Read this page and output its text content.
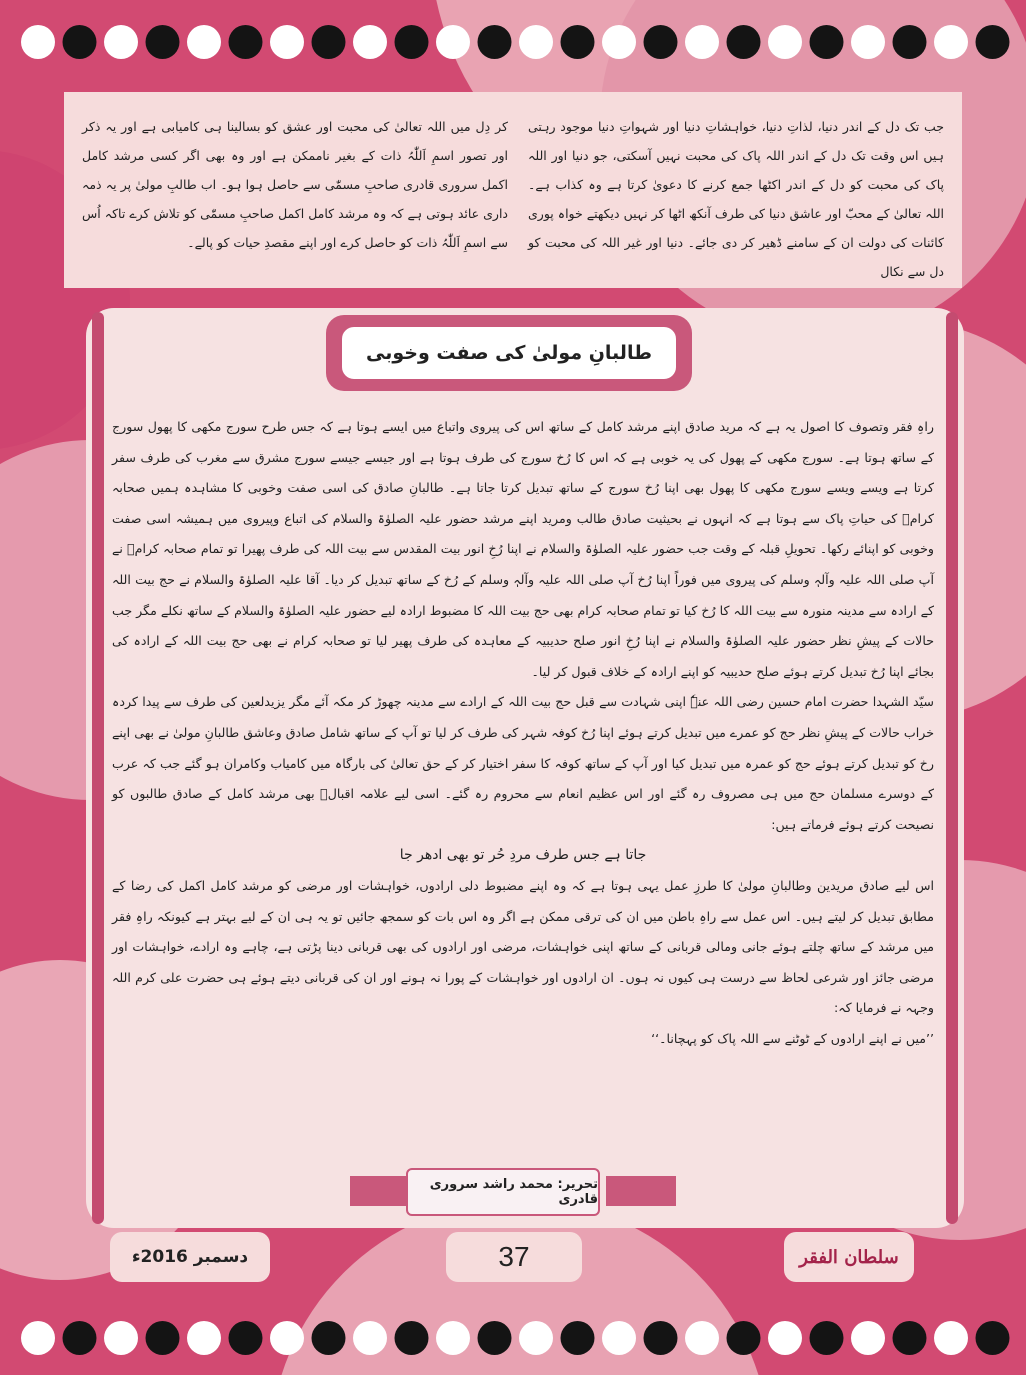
جب تک دل کے اندر دنیا، لذاتِ دنیا، خواہشاتِ دنیا اور شہواتِ دنیا موجود رہتی ہیں اس وقت تک دل کے اندر اللہ پاک کی محبت نہیں آسکتی، جو دنیا اور اللہ پاک کی محبت کو دل کے اندر اکٹھا جمع کرنے کا دعویٰ کرتا ہے وہ کذاب ہے۔ اللہ تعالیٰ کے محبّ اور عاشق دنیا کی طرف آنکھ اٹھا کر نہیں دیکھتے خواہ پوری کائنات کی دولت ان کے سامنے ڈھیر کر دی جائے۔ دنیا اور غیر اللہ کی محبت کو دل سے نکال

کر دِل میں اللہ تعالیٰ کی محبت اور عشق کو بسالینا ہی کامیابی ہے اور یہ ذکر اور تصور اسمِ اَللّٰہُ ذات کے بغیر ناممکن ہے اور وہ بھی اگر کسی مرشد کامل اکمل سروری قادری صاحبِ مسمّٰی سے حاصل ہوا ہو۔ اب طالبِ مولیٰ پر یہ ذمہ داری عائد ہوتی ہے کہ وہ مرشد کامل اکمل صاحبِ مسمّٰی کو تلاش کرے تاکہ اُس سے اسمِ اَللّٰہُ ذات کو حاصل کرے اور اپنے مقصدِ حیات کو پالے۔

طالبانِ مولیٰ کی صفت وخوبی

راہِ فقر وتصوف کا اصول یہ ہے کہ مرید صادق اپنے مرشد کامل کے ساتھ اس کی پیروی واتباع میں ایسے ہوتا ہے کہ جس طرح سورج مکھی کا پھول سورج کے ساتھ ہوتا ہے۔ سورج مکھی کے پھول کی یہ خوبی ہے کہ اس کا رُخ سورج کی طرف ہوتا ہے اور جیسے جیسے سورج مشرق سے مغرب کی طرف سفر کرتا ہے ویسے ویسے سورج مکھی کا پھول بھی اپنا رُخ سورج کے ساتھ تبدیل کرتا جاتا ہے۔ طالبانِ صادق کی اسی صفت وخوبی کا مشاہدہ ہمیں صحابہ کرامؓ کی حیاتِ پاک سے ہوتا ہے کہ انہوں نے بحیثیت صادق طالب ومرید اپنے مرشد حضور علیہ الصلوٰۃ والسلام کی اتباع وپیروی میں ہمیشہ اسی صفت وخوبی کو اپنائے رکھا۔ تحویلِ قبلہ کے وقت جب حضور علیہ الصلوٰۃ والسلام نے اپنا رُخِ انور بیت المقدس سے بیت اللہ کی طرف پھیرا تو تمام صحابہ کرامؓ نے آپ صلی اللہ علیہ وآلہٖ وسلم کی پیروی میں فوراً اپنا رُخ آپ صلی اللہ علیہ وآلہٖ وسلم کے رُخ کے ساتھ تبدیل کر دیا۔ آقا علیہ الصلوٰۃ والسلام نے حج بیت اللہ کے ارادہ سے مدینہ منورہ سے بیت اللہ کا رُخ کیا تو تمام صحابہ کرام بھی حج بیت اللہ کا مضبوط ارادہ لیے حضور علیہ الصلوٰۃ والسلام کے ساتھ نکلے مگر جب حالات کے پیشِ نظر حضور علیہ الصلوٰۃ والسلام نے اپنا رُخِ انور صلح حدیبیہ کے معاہدہ کی طرف پھیر لیا تو صحابہ کرام نے بھی حج بیت اللہ کے ارادہ کی بجائے اپنا رُخ تبدیل کرتے ہوئے صلح حدیبیہ کو اپنے ارادہ کے خلاف قبول کر لیا۔

سیّد الشہدا حضرت امام حسین رضی اللہ عنہٗ اپنی شہادت سے قبل حج بیت اللہ کے ارادے سے مدینہ چھوڑ کر مکہ آئے مگر یزیدلعین کی طرف سے پیدا کردہ خراب حالات کے پیشِ نظر حج کو عمرے میں تبدیل کرتے ہوئے اپنا رُخ کوفہ شہر کی طرف کر لیا تو آپ کے ساتھ شامل صادق وعاشق طالبانِ مولیٰ نے بھی اپنے رخ کو تبدیل کرتے ہوئے حج کو عمرہ میں تبدیل کیا اور آپ کے ساتھ کوفہ کا سفر اختیار کر کے حق تعالیٰ کی بارگاہ میں کامیاب وکامران ہو گئے جب کہ عرب کے دوسرے مسلمان حج میں ہی مصروف رہ گئے اور اس عظیم انعام سے محروم رہ گئے۔ اسی لیے علامہ اقبالؒ بھی مرشد کامل کے صادق طالبوں کو نصیحت کرتے ہوئے فرماتے ہیں:

جاتا ہے جس طرف مردِ حُر تو بھی ادھر جا

اس لیے صادق مریدین وطالبانِ مولیٰ کا طرزِ عمل یہی ہوتا ہے کہ وہ اپنے مضبوط دلی ارادوں، خواہشات اور مرضی کو مرشد کامل اکمل کی رضا کے مطابق تبدیل کر لیتے ہیں۔ اس عمل سے راہِ باطن میں ان کی ترقی ممکن ہے اگر وہ اس بات کو سمجھ جائیں تو یہ ہی ان کے لیے بہتر ہے کیونکہ راہِ فقر میں مرشد کے ساتھ چلتے ہوئے جانی ومالی قربانی کے ساتھ اپنی خواہشات، مرضی اور ارادوں کی بھی قربانی دینا پڑتی ہے، چاہے وہ ارادے، خواہشات اور مرضی جائز اور شرعی لحاظ سے درست ہی کیوں نہ ہوں۔ ان ارادوں اور خواہشات کے پورا نہ ہونے اور ان کی قربانی دیتے ہوئے ہی حضرت علی کرم اللہ وجہہ نے فرمایا کہ:

’’میں نے اپنے ارادوں کے ٹوٹنے سے اللہ پاک کو پہچانا۔‘‘

تحریر: محمد راشد سروری قادری
دسمبر 2016ء	37	سلطان الفقر
